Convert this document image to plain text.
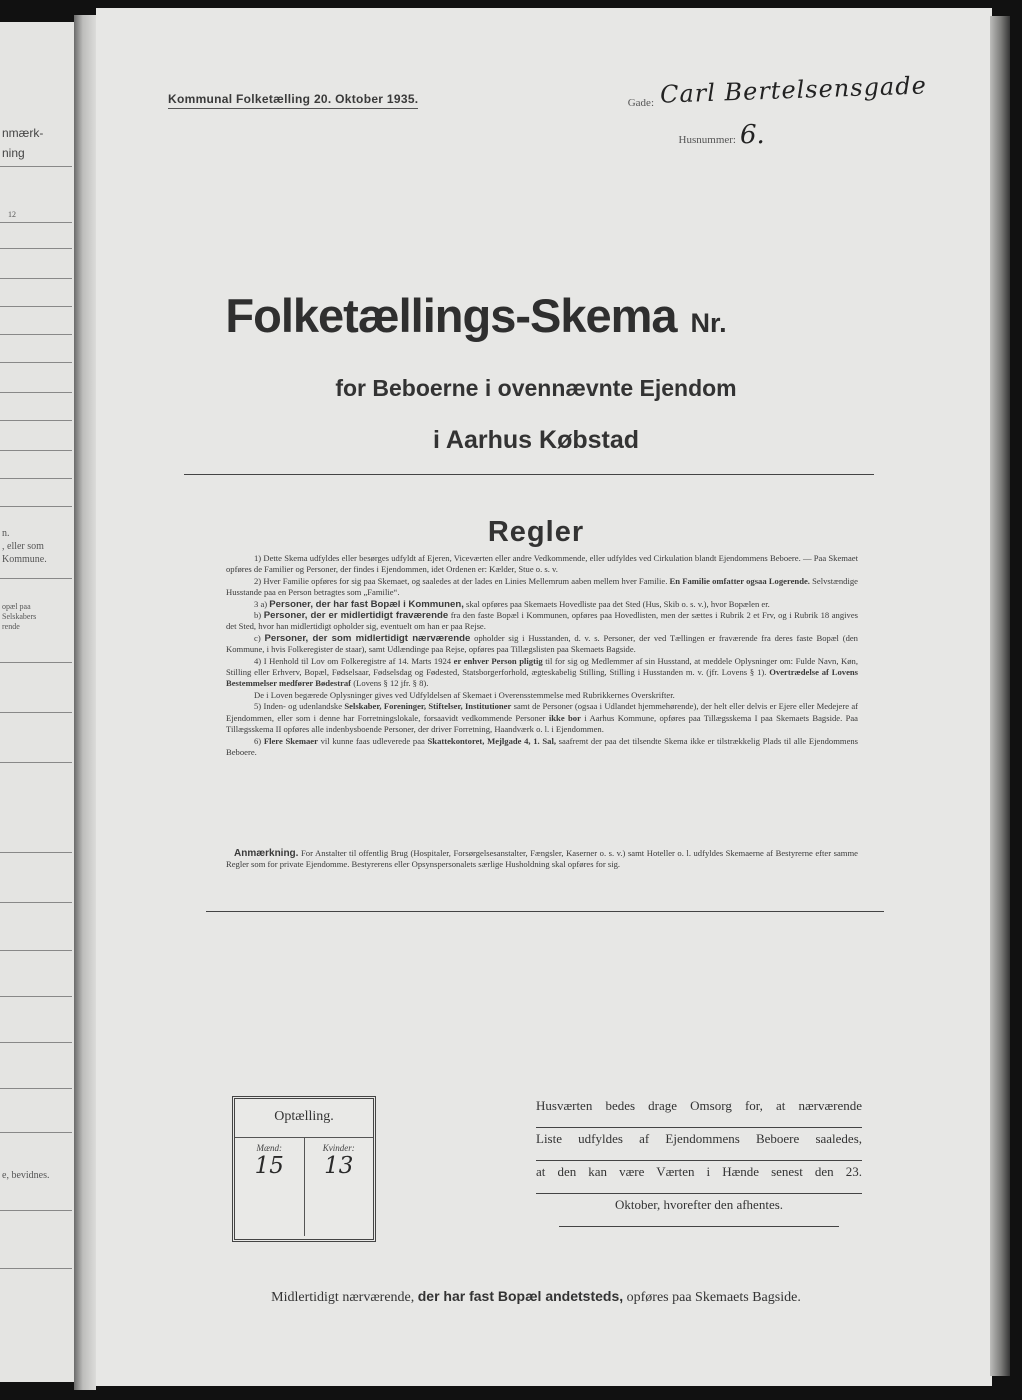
nmærk-
ning
12
n.
, eller som
Kommune.
opæl paa
Selskabers
rende
e, bevidnes.
Kommunal Folketælling 20. Oktober 1935.	Gade: Carl Bertelsensgade
Husnummer: 6.
Folketællings-Skema Nr.
for Beboerne i ovennævnte Ejendom
i Aarhus Købstad
Regler

1) Dette Skema udfyldes eller besørges udfyldt af Ejeren, Viceværten eller andre Vedkommende, eller udfyldes ved Cirkulation blandt Ejendommens Beboere. — Paa Skemaet opføres de Familier og Personer, der findes i Ejendommen, idet Ordenen er: Kælder, Stue o. s. v.

2) Hver Familie opføres for sig paa Skemaet, og saaledes at der lades en Linies Mellemrum aaben mellem hver Familie. En Familie omfatter ogsaa Logerende. Selvstændige Husstande paa en Person betragtes som „Familie“.

3 a) Personer, der har fast Bopæl i Kommunen, skal opføres paa Skemaets Hovedliste paa det Sted (Hus, Skib o. s. v.), hvor Bopælen er.

b) Personer, der er midlertidigt fraværende fra den faste Bopæl i Kommunen, opføres paa Hovedlisten, men der sættes i Rubrik 2 et Frv, og i Rubrik 18 angives det Sted, hvor han midlertidigt opholder sig, eventuelt om han er paa Rejse.

c) Personer, der som midlertidigt nærværende opholder sig i Husstanden, d. v. s. Personer, der ved Tællingen er fraværende fra deres faste Bopæl (den Kommune, i hvis Folkeregister de staar), samt Udlændinge paa Rejse, opføres paa Tillægslisten paa Skemaets Bagside.

4) I Henhold til Lov om Folkeregistre af 14. Marts 1924 er enhver Person pligtig til for sig og Medlemmer af sin Husstand, at meddele Oplysninger om: Fulde Navn, Køn, Stilling eller Erhverv, Bopæl, Fødselsaar, Fødselsdag og Fødested, Statsborgerforhold, ægteskabelig Stilling, Stilling i Husstanden m. v. (jfr. Lovens § 1). Overtrædelse af Lovens Bestemmelser medfører Bødestraf (Lovens § 12 jfr. § 8).

De i Loven begærede Oplysninger gives ved Udfyldelsen af Skemaet i Overensstemmelse med Rubrikkernes Overskrifter.

5) Inden- og udenlandske Selskaber, Foreninger, Stiftelser, Institutioner samt de Personer (ogsaa i Udlandet hjemmehørende), der helt eller delvis er Ejere eller Medejere af Ejendommen, eller som i denne har Forretningslokale, forsaavidt vedkommende Personer ikke bor i Aarhus Kommune, opføres paa Tillægsskema I paa Skemaets Bagside. Paa Tillægsskema II opføres alle indenbysboende Personer, der driver Forretning, Haandværk o. l. i Ejendommen.

6) Flere Skemaer vil kunne faas udleverede paa Skattekontoret, Mejlgade 4, 1. Sal, saafremt der paa det tilsendte Skema ikke er tilstrækkelig Plads til alle Ejendommens Beboere.

Anmærkning. For Anstalter til offentlig Brug (Hospitaler, Forsørgelsesanstalter, Fængsler, Kaserner o. s. v.) samt Hoteller o. l. udfyldes Skemaerne af Bestyrerne efter samme Regler som for private Ejendomme. Bestyrerens eller Opsynspersonalets særlige Husholdning skal opføres for sig.
Optælling.
Mænd:
15
Kvinder:
13
Husværten bedes drage Omsorg for, at nærværende
Liste udfyldes af Ejendommens Beboere saaledes,
at den kan være Værten i Hænde senest den 23.
Oktober, hvorefter den afhentes.
Midlertidigt nærværende, der har fast Bopæl andetsteds, opføres paa Skemaets Bagside.
